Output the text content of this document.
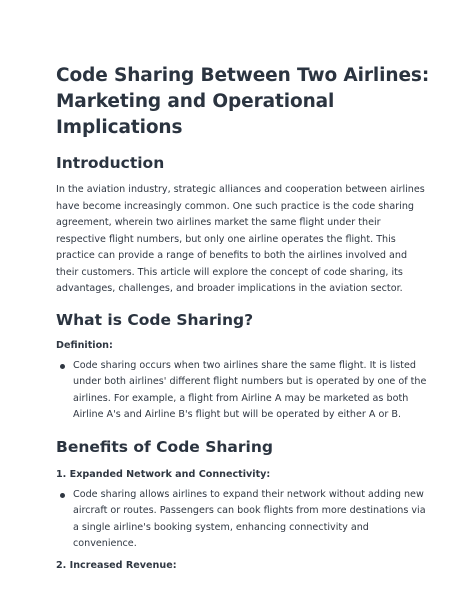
Code Sharing Between Two Airlines: Marketing and Operational Implications
Introduction

In the aviation industry, strategic alliances and cooperation between airlines have become increasingly common. One such practice is the code sharing agreement, wherein two airlines market the same flight under their respective flight numbers, but only one airline operates the flight. This practice can provide a range of benefits to both the airlines involved and their customers. This article will explore the concept of code sharing, its advantages, challenges, and broader implications in the aviation sector.

What is Code Sharing?
Definition:
Code sharing occurs when two airlines share the same flight. It is listed under both airlines' different flight numbers but is operated by one of the airlines. For example, a flight from Airline A may be marketed as both Airline A's and Airline B's flight but will be operated by either A or B.
Benefits of Code Sharing
1. Expanded Network and Connectivity:
Code sharing allows airlines to expand their network without adding new aircraft or routes. Passengers can book flights from more destinations via a single airline's booking system, enhancing connectivity and convenience.
2. Increased Revenue:
